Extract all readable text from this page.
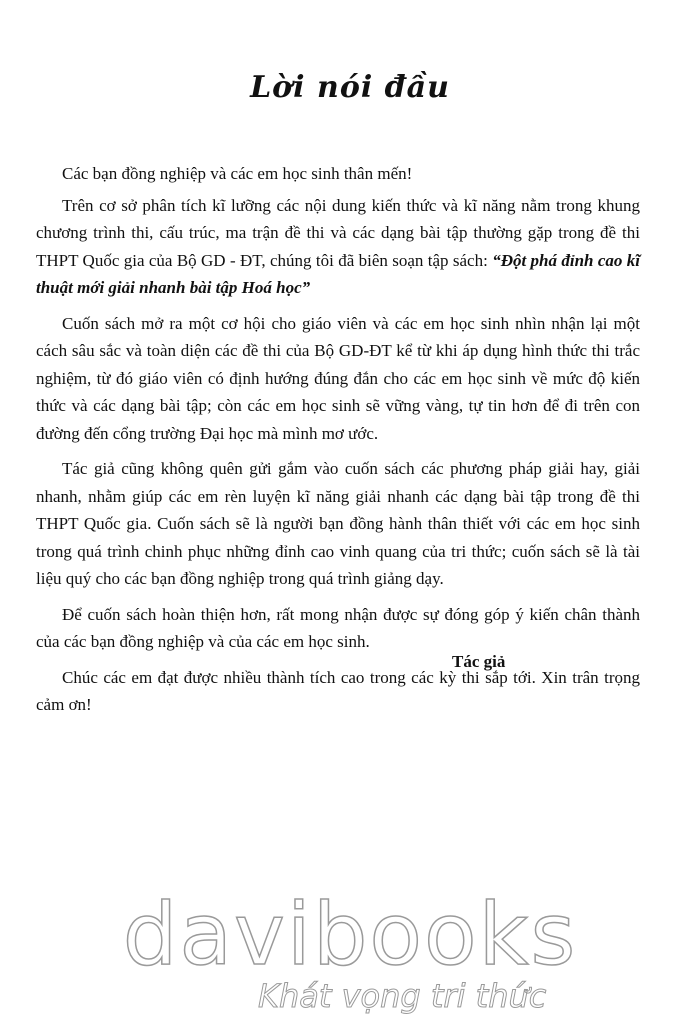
Lời nói đầu

Các bạn đồng nghiệp và các em học sinh thân mến!

Trên cơ sở phân tích kĩ lưỡng các nội dung kiến thức và kĩ năng nằm trong khung chương trình thi, cấu trúc, ma trận đề thi và các dạng bài tập thường gặp trong đề thi THPT Quốc gia của Bộ GD - ĐT, chúng tôi đã biên soạn tập sách: “Đột phá đỉnh cao kĩ thuật mới giải nhanh bài tập Hoá học”

Cuốn sách mở ra một cơ hội cho giáo viên và các em học sinh nhìn nhận lại một cách sâu sắc và toàn diện các đề thi của Bộ GD-ĐT kể từ khi áp dụng hình thức thi trắc nghiệm, từ đó giáo viên có định hướng đúng đắn cho các em học sinh về mức độ kiến thức và các dạng bài tập; còn các em học sinh sẽ vững vàng, tự tin hơn để đi trên con đường đến cổng trường Đại học mà mình mơ ước.

Tác giả cũng không quên gửi gắm vào cuốn sách các phương pháp giải hay, giải nhanh, nhằm giúp các em rèn luyện kĩ năng giải nhanh các dạng bài tập trong đề thi THPT Quốc gia. Cuốn sách sẽ là người bạn đồng hành thân thiết với các em học sinh trong quá trình chinh phục những đỉnh cao vinh quang của tri thức; cuốn sách sẽ là tài liệu quý cho các bạn đồng nghiệp trong quá trình giảng dạy.

Để cuốn sách hoàn thiện hơn, rất mong nhận được sự đóng góp ý kiến chân thành của các bạn đồng nghiệp và của các em học sinh.

Chúc các em đạt được nhiều thành tích cao trong các kỳ thi sắp tới. Xin trân trọng cảm ơn!

Tác giả
davibooks
Khát vọng tri thức
